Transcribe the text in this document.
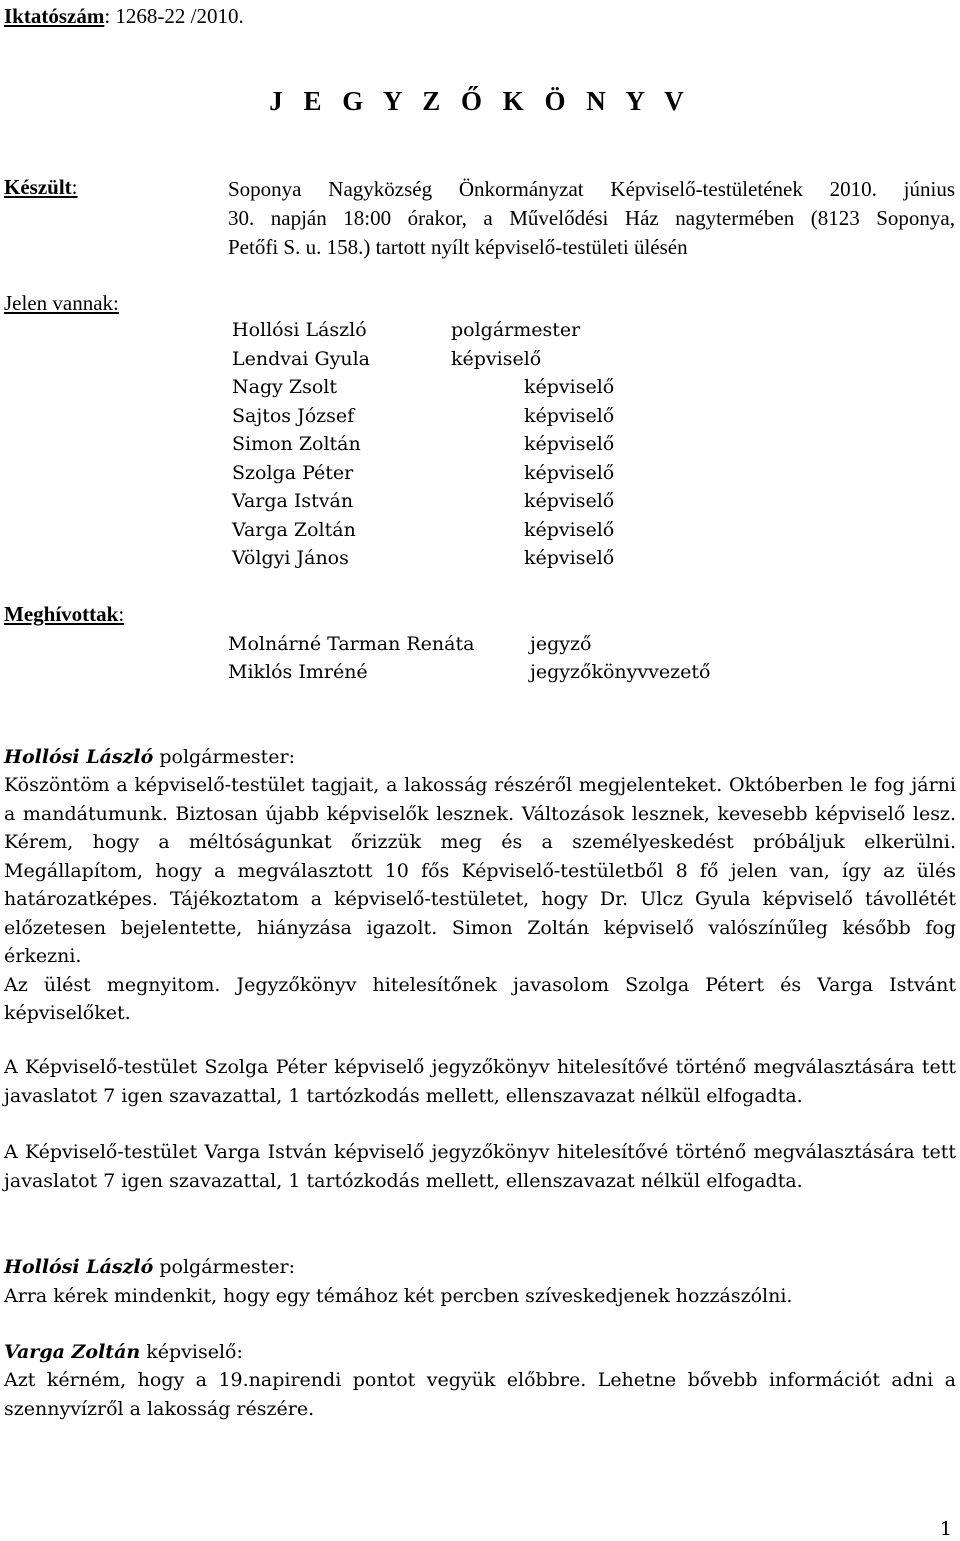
Iktatószám: 1268-22 /2010.
J E G Y Z Ő K Ö N Y V
Készült:	Soponya Nagyközség Önkormányzat Képviselő-testületének 2010. június
30. napján 18:00 órakor, a Művelődési Ház nagytermében (8123 Soponya,
Petőfi S. u. 158.) tartott nyílt képviselő-testületi ülésén
Jelen vannak:
Hollósi László	polgármester
Lendvai Gyula	képviselő
Nagy Zsolt	képviselő
Sajtos József	képviselő
Simon Zoltán	képviselő
Szolga Péter	képviselő
Varga István	képviselő
Varga Zoltán	képviselő
Völgyi János	képviselő
Meghívottak:
Molnárné Tarman Renáta	jegyző
Miklós Imréné	jegyzőkönyvvezető
Hollósi László polgármester:
Köszöntöm a képviselő-testület tagjait, a lakosság részéről megjelenteket. Októberben le fog járni
a mandátumunk. Biztosan újabb képviselők lesznek. Változások lesznek, kevesebb képviselő lesz.
Kérem, hogy a méltóságunkat őrizzük meg és a személyeskedést próbáljuk elkerülni.
Megállapítom, hogy a megválasztott 10 fős Képviselő-testületből 8 fő jelen van, így az ülés
határozatképes. Tájékoztatom a képviselő-testületet, hogy Dr. Ulcz Gyula képviselő távollétét
előzetesen bejelentette, hiányzása igazolt. Simon Zoltán képviselő valószínűleg később fog
érkezni.
Az ülést megnyitom. Jegyzőkönyv hitelesítőnek javasolom Szolga Pétert és Varga Istvánt
képviselőket.
A Képviselő-testület Szolga Péter képviselő jegyzőkönyv hitelesítővé történő megválasztására tett
javaslatot 7 igen szavazattal, 1 tartózkodás mellett, ellenszavazat nélkül elfogadta.
A Képviselő-testület Varga István képviselő jegyzőkönyv hitelesítővé történő megválasztására tett
javaslatot 7 igen szavazattal, 1 tartózkodás mellett, ellenszavazat nélkül elfogadta.
Hollósi László polgármester:
Arra kérek mindenkit, hogy egy témához két percben szíveskedjenek hozzászólni.
Varga Zoltán képviselő:
Azt kérném, hogy a 19.napirendi pontot vegyük előbbre. Lehetne bővebb információt adni a
szennyvízről a lakosság részére.
1
